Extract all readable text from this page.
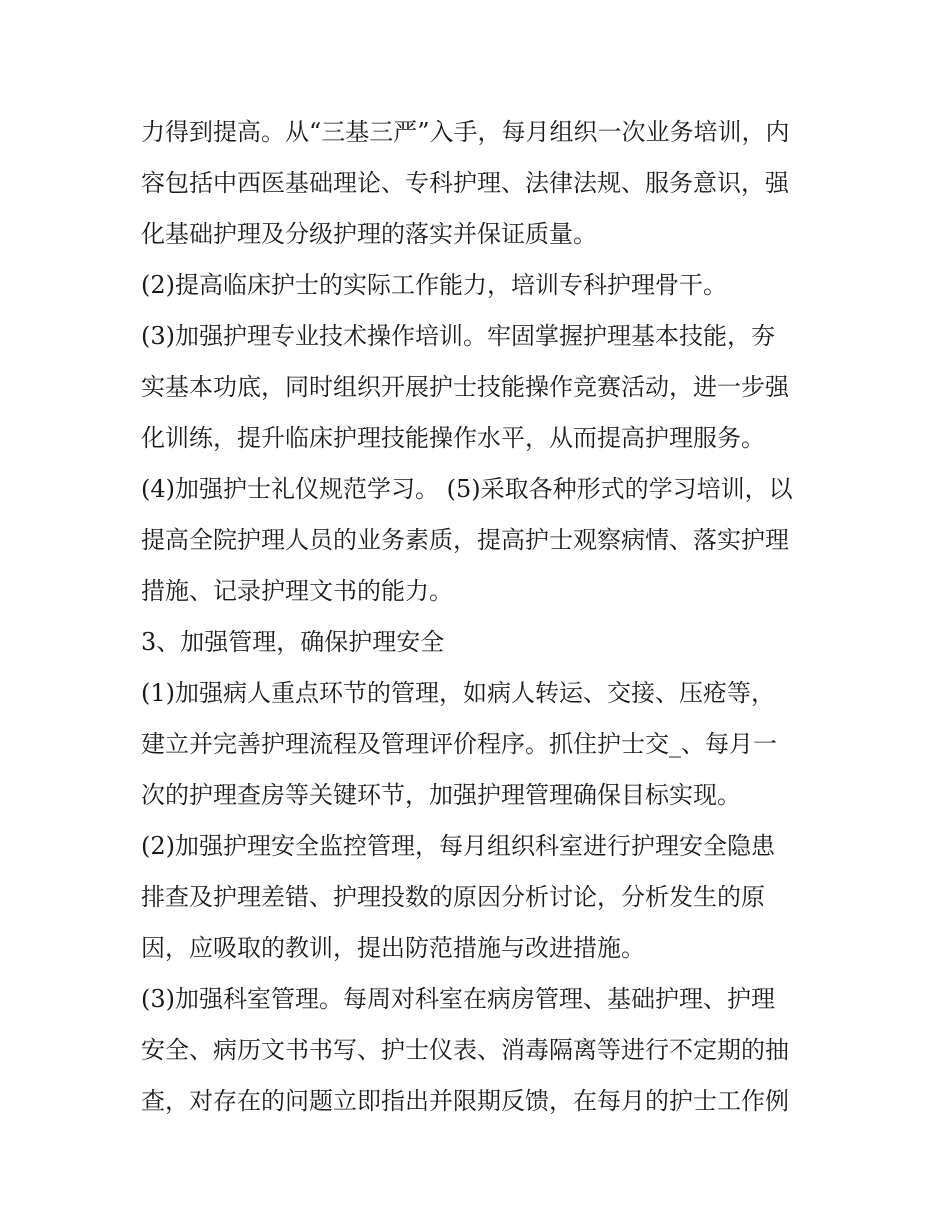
力得到提高。从“三基三严”入手，每月组织一次业务培训，内
容包括中西医基础理论、专科护理、法律法规、服务意识，强
化基础护理及分级护理的落实并保证质量。
(2)提高临床护士的实际工作能力，培训专科护理骨干。
(3)加强护理专业技术操作培训。牢固掌握护理基本技能，夯
实基本功底，同时组织开展护士技能操作竞赛活动，进一步强
化训练，提升临床护理技能操作水平，从而提高护理服务。
(4)加强护士礼仪规范学习。 (5)采取各种形式的学习培训，以
提高全院护理人员的业务素质，提高护士观察病情、落实护理
措施、记录护理文书的能力。
3、加强管理，确保护理安全
(1)加强病人重点环节的管理，如病人转运、交接、压疮等，
建立并完善护理流程及管理评价程序。抓住护士交_、每月一
次的护理查房等关键环节，加强护理管理确保目标实现。
(2)加强护理安全监控管理，每月组织科室进行护理安全隐患
排查及护理差错、护理投数的原因分析讨论，分析发生的原
因，应吸取的教训，提出防范措施与改进措施。
(3)加强科室管理。每周对科室在病房管理、基础护理、护理
安全、病历文书书写、护士仪表、消毒隔离等进行不定期的抽
查，对存在的问题立即指出并限期反馈，在每月的护士工作例
